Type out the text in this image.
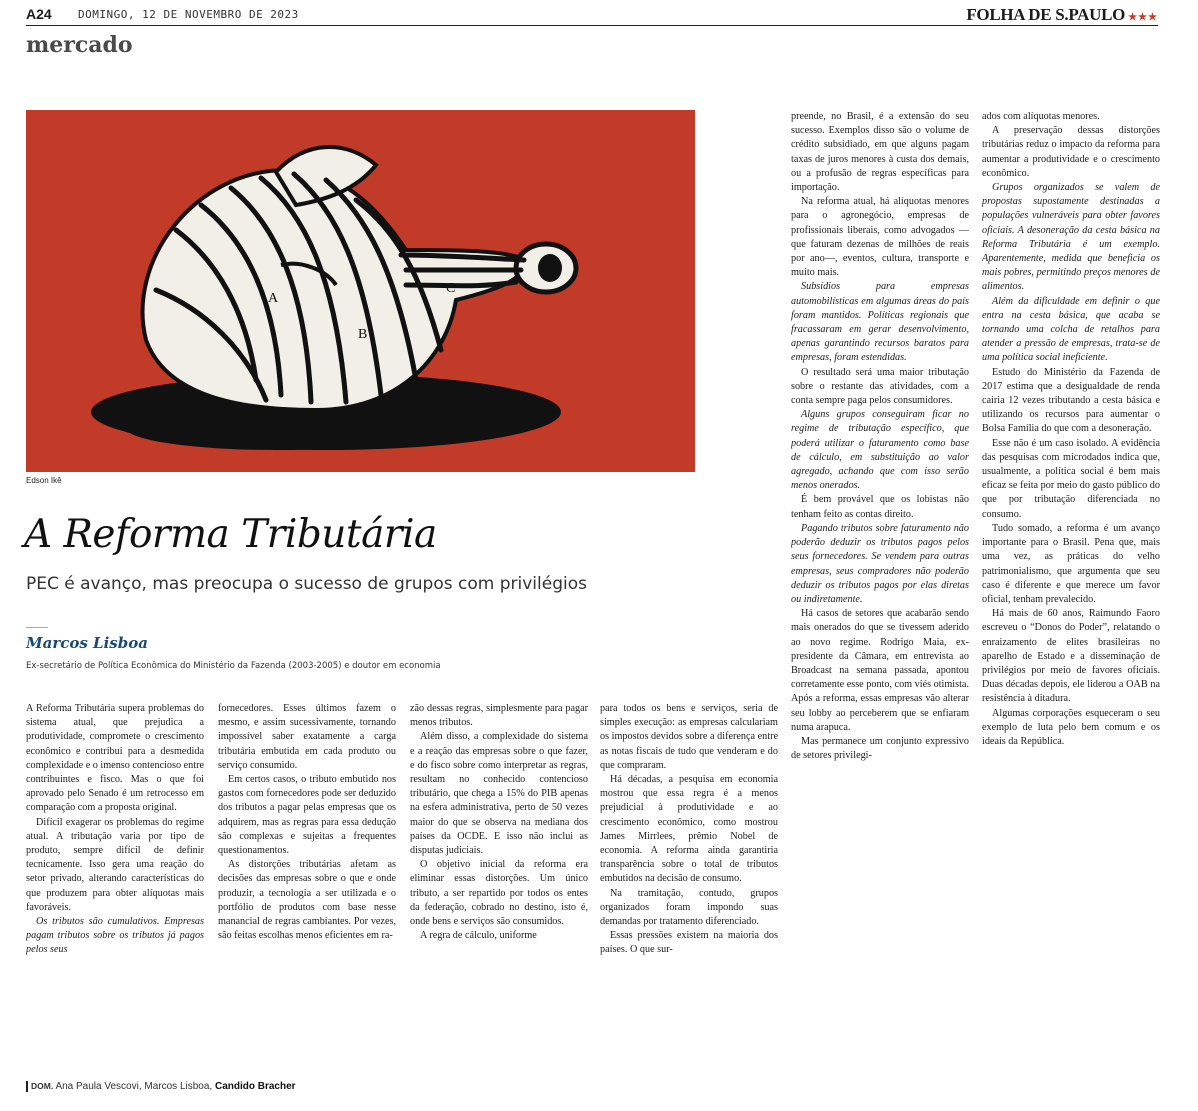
A24 DOMINGO, 12 DE NOVEMBRO DE 2023	FOLHA DE S.PAULO ★★★
mercado
A
B
C
Edson Ikê
A Reforma Tributária
PEC é avanço, mas preocupa o sucesso de grupos com privilégios
Marcos Lisboa
Ex-secretário de Política Econômica do Ministério da Fazenda (2003-2005) e doutor em economia

A Reforma Tributária supera problemas do sistema atual, que prejudica a produtividade, compromete o crescimento econômico e contribui para a desmedida complexidade e o imenso contencioso entre contribuintes e fisco. Mas o que foi aprovado pelo Senado é um retrocesso em comparação com a proposta original.

Difícil exagerar os problemas do regime atual. A tributação varia por tipo de produto, sempre difícil de definir tecnicamente. Isso gera uma reação do setor privado, alterando características do que produzem para obter alíquotas mais favoráveis.

Os tributos são cumulativos. Empresas pagam tributos sobre os tributos já pagos pelos seus

fornecedores. Esses últimos fazem o mesmo, e assim sucessivamente, tornando impossível saber exatamente a carga tributária embutida em cada produto ou serviço consumido.

Em certos casos, o tributo embutido nos gastos com fornecedores pode ser deduzido dos tributos a pagar pelas empresas que os adquirem, mas as regras para essa dedução são complexas e sujeitas a frequentes questionamentos.

As distorções tributárias afetam as decisões das empresas sobre o que e onde produzir, a tecnologia a ser utilizada e o portfólio de produtos com base nesse manancial de regras cambiantes. Por vezes, são feitas escolhas menos eficientes em ra-

zão dessas regras, simplesmente para pagar menos tributos.

Além disso, a complexidade do sistema e a reação das empresas sobre o que fazer, e do fisco sobre como interpretar as regras, resultam no conhecido contencioso tributário, que chega a 15% do PIB apenas na esfera administrativa, perto de 50 vezes maior do que se observa na mediana dos países da OCDE. E isso não inclui as disputas judiciais.

O objetivo inicial da reforma era eliminar essas distorções. Um único tributo, a ser repartido por todos os entes da federação, cobrado no destino, isto é, onde bens e serviços são consumidos.

A regra de cálculo, uniforme

para todos os bens e serviços, seria de simples execução: as empresas calculariam os impostos devidos sobre a diferença entre as notas fiscais de tudo que venderam e do que compraram.

Há décadas, a pesquisa em economia mostrou que essa regra é a menos prejudicial à produtividade e ao crescimento econômico, como mostrou James Mirrlees, prêmio Nobel de economia. A reforma ainda garantiria transparência sobre o total de tributos embutidos na decisão de consumo.

Na tramitação, contudo, grupos organizados foram impondo suas demandas por tratamento diferenciado.

Essas pressões existem na maioria dos países. O que sur-

preende, no Brasil, é a extensão do seu sucesso. Exemplos disso são o volume de crédito subsidiado, em que alguns pagam taxas de juros menores à custa dos demais, ou a profusão de regras específicas para importação.

Na reforma atual, há alíquotas menores para o agronegócio, empresas de profissionais liberais, como advogados —que faturam dezenas de milhões de reais por ano—, eventos, cultura, transporte e muito mais.

Subsídios para empresas automobilísticas em algumas áreas do país foram mantidos. Políticas regionais que fracassaram em gerar desenvolvimento, apenas garantindo recursos baratos para empresas, foram estendidas.

O resultado será uma maior tributação sobre o restante das atividades, com a conta sempre paga pelos consumidores.

Alguns grupos conseguiram ficar no regime de tributação específico, que poderá utilizar o faturamento como base de cálculo, em substituição ao valor agregado, achando que com isso serão menos onerados.

É bem provável que os lobistas não tenham feito as contas direito.

Pagando tributos sobre faturamento não poderão deduzir os tributos pagos pelos seus fornecedores. Se vendem para outras empresas, seus compradores não poderão deduzir os tributos pagos por elas diretas ou indiretamente.

Há casos de setores que acabarão sendo mais onerados do que se tivessem aderido ao novo regime. Rodrigo Maia, ex-presidente da Câmara, em entrevista ao Broadcast na semana passada, apontou corretamente esse ponto, com viés otimista. Após a reforma, essas empresas vão alterar seu lobby ao perceberem que se enfiaram numa arapuca.

Mas permanece um conjunto expressivo de setores privilegi-

ados com alíquotas menores.

A preservação dessas distorções tributárias reduz o impacto da reforma para aumentar a produtividade e o crescimento econômico.

Grupos organizados se valem de propostas supostamente destinadas a populações vulneráveis para obter favores oficiais. A desoneração da cesta básica na Reforma Tributária é um exemplo. Aparentemente, medida que beneficia os mais pobres, permitindo preços menores de alimentos.

Além da dificuldade em definir o que entra na cesta básica, que acaba se tornando uma colcha de retalhos para atender a pressão de empresas, trata-se de uma política social ineficiente.

Estudo do Ministério da Fazenda de 2017 estima que a desigualdade de renda cairia 12 vezes tributando a cesta básica e utilizando os recursos para aumentar o Bolsa Família do que com a desoneração.

Esse não é um caso isolado. A evidência das pesquisas com microdados indica que, usualmente, a política social é bem mais eficaz se feita por meio do gasto público do que por tributação diferenciada no consumo.

Tudo somado, a reforma é um avanço importante para o Brasil. Pena que, mais uma vez, as práticas do velho patrimonialismo, que argumenta que seu caso é diferente e que merece um favor oficial, tenham prevalecido.

Há mais de 60 anos, Raimundo Faoro escreveu o “Donos do Poder”, relatando o enraizamento de elites brasileiras no aparelho de Estado e a disseminação de privilégios por meio de favores oficiais. Duas décadas depois, ele liderou a OAB na resistência à ditadura.

Algumas corporações esqueceram o seu exemplo de luta pelo bem comum e os ideais da República.

DOM. Ana Paula Vescovi, Marcos Lisboa, Candido Bracher
